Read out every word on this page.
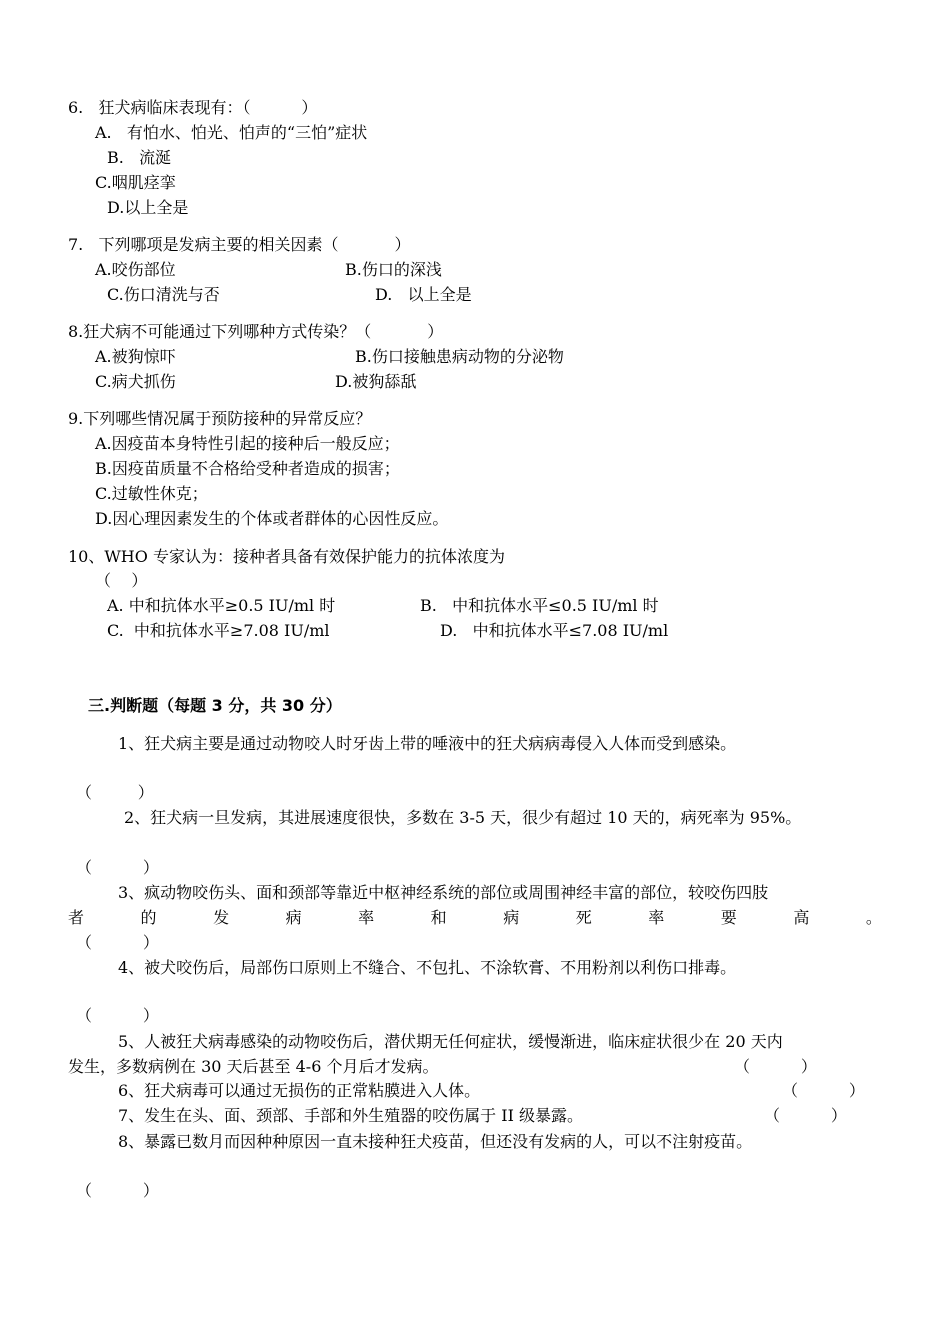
6.   狂犬病临床表现有：（          ）
A.   有怕水、怕光、怕声的“三怕”症状
B.   流涎
C.咽肌痉挛
D.以上全是
7.   下列哪项是发病主要的相关因素（           ）
A.咬伤部位	B.伤口的深浅
C.伤口清洗与否	D.   以上全是
8.狂犬病不可能通过下列哪种方式传染？（           ）
A.被狗惊吓	B.伤口接触患病动物的分泌物
C.病犬抓伤	D.被狗舔舐
9.下列哪些情况属于预防接种的异常反应？
A.因疫苗本身特性引起的接种后一般反应；
B.因疫苗质量不合格给受种者造成的损害；
C.过敏性休克；
D.因心理因素发生的个体或者群体的心因性反应。
10、WHO 专家认为：接种者具备有效保护能力的抗体浓度为
（    ）
A. 中和抗体水平≥0.5 IU/ml 时	B.   中和抗体水平≤0.5 IU/ml 时
C.  中和抗体水平≥7.08 IU/ml	D.   中和抗体水平≤7.08 IU/ml
三.判断题（每题 3 分，共 30 分）
1、狂犬病主要是通过动物咬人时牙齿上带的唾液中的狂犬病病毒侵入人体而受到感染。
（         ）
2、狂犬病一旦发病，其进展速度很快，多数在 3-5 天，很少有超过 10 天的，病死率为 95%。
（          ）
3、疯动物咬伤头、面和颈部等靠近中枢神经系统的部位或周围神经丰富的部位，较咬伤四肢
者	的	发	病	率	和	病	死	率	要	高	。
（          ）
4、被犬咬伤后，局部伤口原则上不缝合、不包扎、不涂软膏、不用粉剂以利伤口排毒。
（          ）
5、人被狂犬病毒感染的动物咬伤后，潜伏期无任何症状，缓慢渐进，临床症状很少在 20 天内
发生，多数病例在 30 天后甚至 4-6 个月后才发病。	（          ）
6、狂犬病毒可以通过无损伤的正常粘膜进入人体。	（          ）
7、发生在头、面、颈部、手部和外生殖器的咬伤属于 II 级暴露。	（          ）
8、暴露已数月而因种种原因一直未接种狂犬疫苗，但还没有发病的人，可以不注射疫苗。
（          ）
